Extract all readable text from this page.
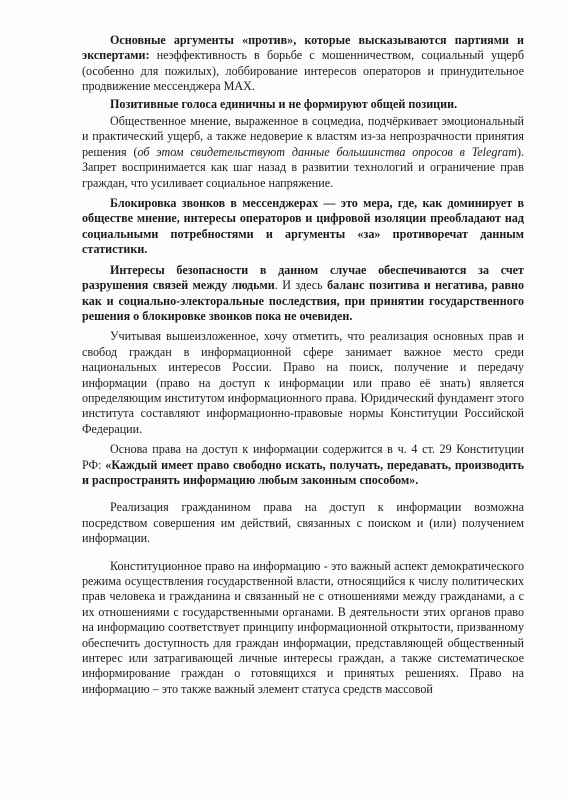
Основные аргументы «против», которые высказываются партиями и экспертами: неэффективность в борьбе с мошенничеством, социальный ущерб (особенно для пожилых), лоббирование интересов операторов и принудительное продвижение мессенджера МАХ.

Позитивные голоса единичны и не формируют общей позиции.

Общественное мнение, выраженное в соцмедиа, подчёркивает эмоциональный и практический ущерб, а также недоверие к властям из-за непрозрачности принятия решения (об этом свидетельствуют данные большинства опросов в Telegram). Запрет воспринимается как шаг назад в развитии технологий и ограничение прав граждан, что усиливает социальное напряжение.

Блокировка звонков в мессенджерах — это мера, где, как доминирует в обществе мнение, интересы операторов и цифровой изоляции преобладают над социальными потребностями и аргументы «за» противоречат данным статистики.

Интересы безопасности в данном случае обеспечиваются за счет разрушения связей между людьми. И здесь баланс позитива и негатива, равно как и социально-электоральные последствия, при принятии государственного решения о блокировке звонков пока не очевиден.

Учитывая вышеизложенное, хочу отметить, что реализация основных прав и свобод граждан в информационной сфере занимает важное место среди национальных интересов России. Право на поиск, получение и передачу информации (право на доступ к информации или право её знать) является определяющим институтом информационного права. Юридический фундамент этого института составляют информационно-правовые нормы Конституции Российской Федерации.

Основа права на доступ к информации содержится в ч. 4 ст. 29 Конституции РФ: «Каждый имеет право свободно искать, получать, передавать, производить и распространять информацию любым законным способом».

Реализация гражданином права на доступ к информации возможна посредством совершения им действий, связанных с поиском и (или) получением информации.

Конституционное право на информацию - это важный аспект демократического режима осуществления государственной власти, относящийся к числу политических прав человека и гражданина и связанный не с отношениями между гражданами, а с их отношениями с государственными органами. В деятельности этих органов право на информацию соответствует принципу информационной открытости, призванному обеспечить доступность для граждан информации, представляющей общественный интерес или затрагивающей личные интересы граждан, а также систематическое информирование граждан о готовящихся и принятых решениях. Право на информацию – это также важный элемент статуса средств массовой
